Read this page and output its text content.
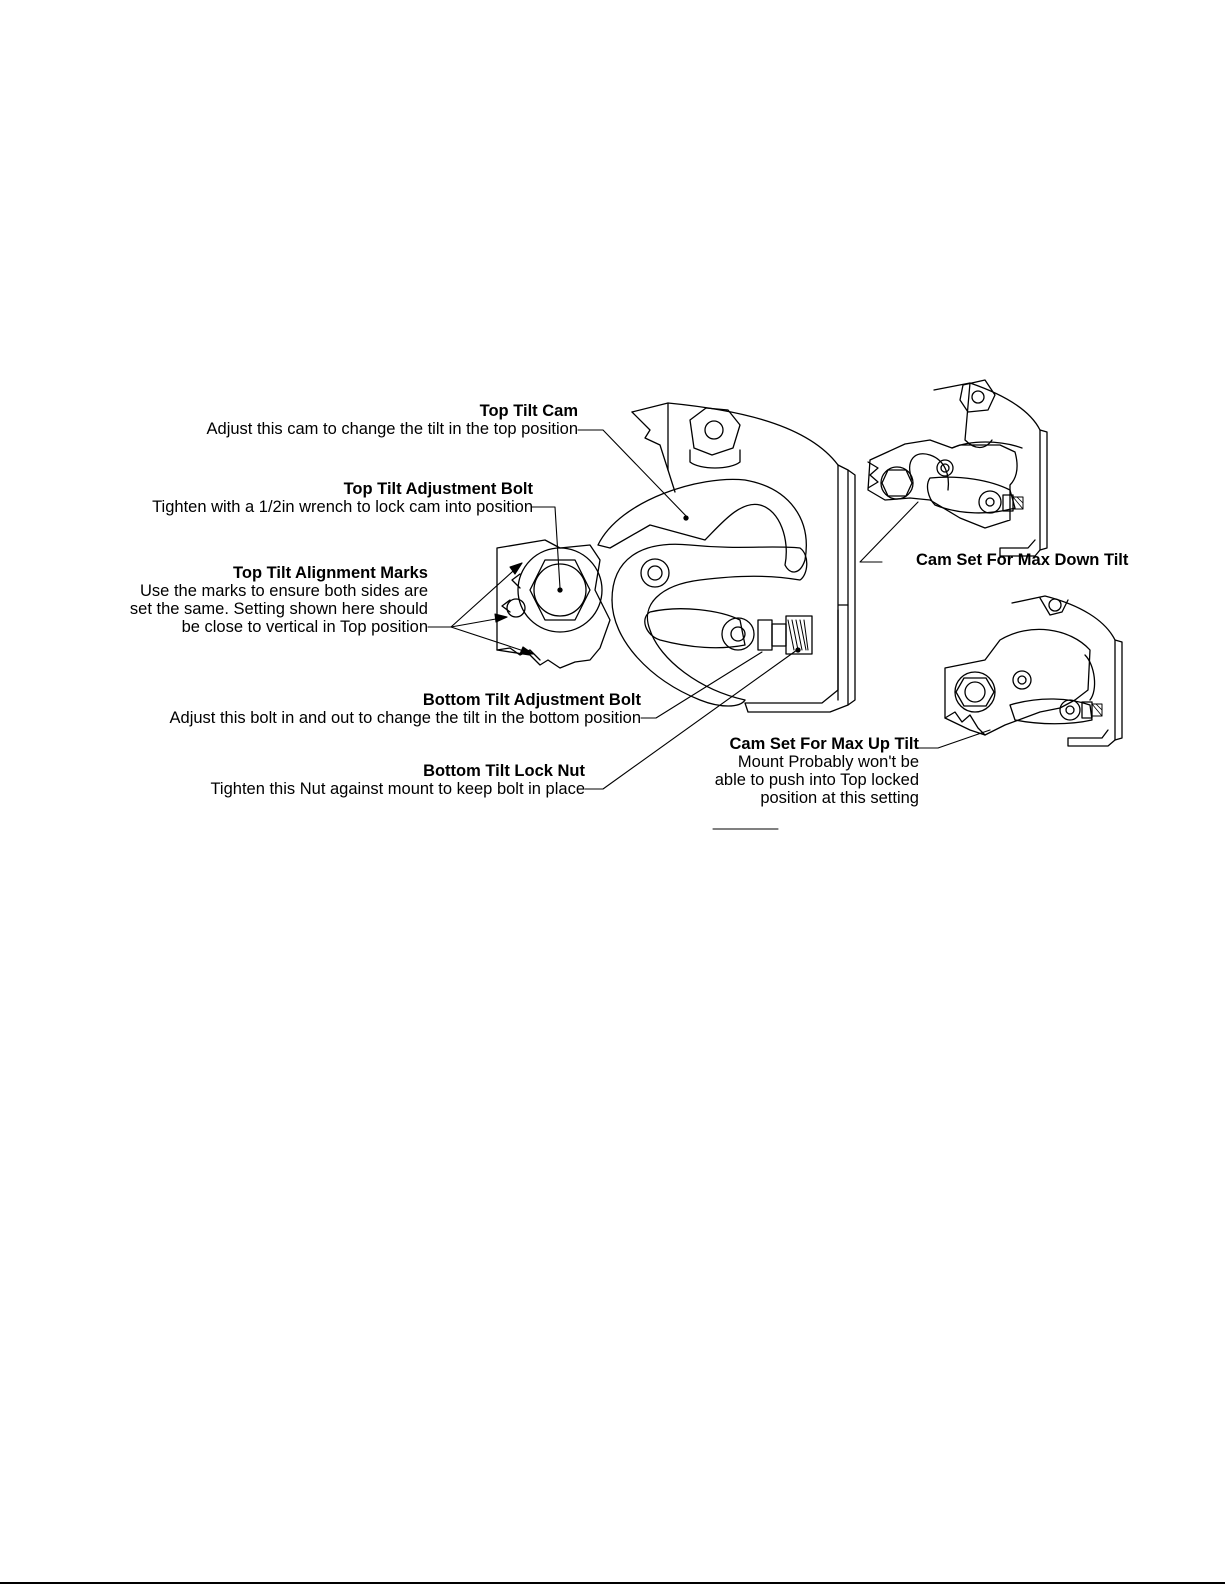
Top Tilt Cam
Adjust this cam to change the tilt in the top position
Top Tilt Adjustment Bolt
Tighten with a 1/2in wrench to lock cam into position
Top Tilt Alignment Marks
Use the marks to ensure both sides are
set the same. Setting shown here should
be close to vertical in Top position
Bottom Tilt Adjustment Bolt
Adjust this bolt in and out to change the tilt in the bottom position
Bottom Tilt Lock Nut
Tighten this Nut against mount to keep bolt in place
Cam Set For Max Down Tilt
Cam Set For Max Up Tilt
Mount Probably won't be
able to push into Top locked
position at this setting
